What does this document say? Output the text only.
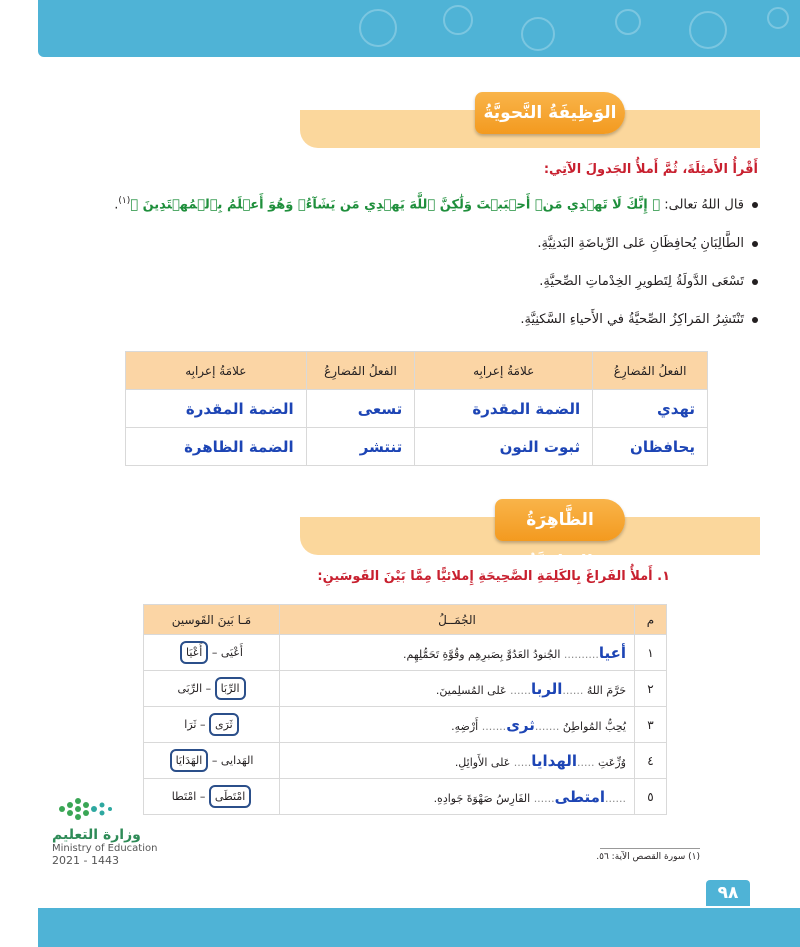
الوَظِيفَةُ النَّحويَّةُ
أَقْرأُ الأَمثِلَةَ، ثُمَّ أَملأُ الجَدولَ الآتِي:
قال اللهُ تعالى: ﴿ إِنَّكَ لَا تَهۡدِي مَنۡ أَحۡبَبۡتَ وَلَٰكِنَّ ٱللَّهَ يَهۡدِي مَن يَشَآءُۚ وَهُوَ أَعۡلَمُ بِٱلۡمُهۡتَدِينَ ﴾$^{(١)}$.
الطَّالِبَانِ يُحافِظَانِ عَلى الرِّياضَةِ البَدنِيَّةِ.
تَسْعَى الدَّولَةُ لِتَطويرِ الخِدْماتِ الصِّحيَّةِ.
تَنْتَشِرُ المَراكِزُ الصِّحيَّةُ في الأَحياءِ السَّكنِيَّةِ.
الفعلُ المُضارِعُ	علامَةُ إعرابِه	الفعلُ المُضارِعُ	علامَةُ إعرابِه
تهدي	الضمة المقدرة	تسعى	الضمة المقدرة
يحافظان	ثبوت النون	تنتشر	الضمة الظاهرة
الظَّاهِرَةُ الإملائيَّةُ
١. أَملأُ الفَراغَ بِالكَلِمَةِ الصَّحِيحَةِ إِملائيًّا مِمَّا بَيْنَ القَوسَينِ:
م	الجُمَــلُ	مَـا بَينَ القَوسين
١	أعيا.......... الجُنودُ العَدُوَّ بِصَبرِهِم وقُوَّةِ تَحَمُّلِهِم.	أَعْيَى – أَعْيَا
٢	حَرَّمَ اللهُ ......الربا...... عَلى المُسلِمينَ.	الرِّبَا – الرِّبَى
٣	يُحِبُّ المُواطِنُ .......ثرى....... أَرْضِهِ.	ثَرَى – ثَرَا
٤	وُزِّعَتِ .....الهدايا..... عَلى الأَوائِلِ.	الهَدايى – الهَدَايَا
٥	......امتطى...... الفَارِسُ صَهْوَةَ جَوادِهِ.	امْتَطَى – امْتَطا
وزارة التعليم
Ministry of Education
2021 - 1443	(١) سورة القصص الآية: ٥٦.
٩٨
